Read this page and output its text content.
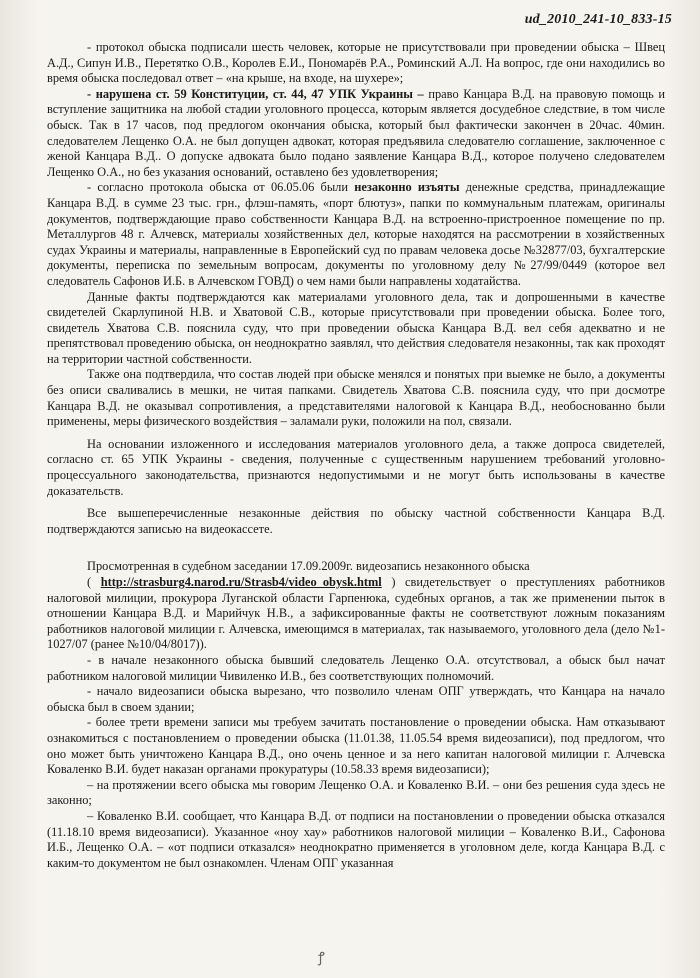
ud_2010_241-10_833-15

- протокол обыска подписали шесть человек, которые не присутствовали при проведении обыска – Швец А.Д., Сипун И.В., Перетятко О.В., Королев Е.И., Пономарёв Р.А., Роминский А.Л. На вопрос, где они находились во время обыска последовал ответ – «на крыше, на входе, на шухере»;

- нарушена ст. 59 Конституции, ст. 44, 47 УПК Украины – право Канцара В.Д. на правовую помощь и вступление защитника на любой стадии уголовного процесса, которым является досудебное следствие, в том числе обыск. Так в 17 часов, под предлогом окончания обыска, который был фактически закончен в 20час. 40мин. следователем Лещенко О.А. не был допущен адвокат, которая предъявила следователю соглашение, заключенное с женой Канцара В.Д.. О допуске адвоката было подано заявление Канцара В.Д., которое получено следователем Лещенко О.А., но без указания оснований, оставлено без удовлетворения;

- согласно протокола обыска от 06.05.06 были незаконно изъяты денежные средства, принадлежащие Канцара В.Д. в сумме 23 тыс. грн., флэш-память, «порт блютуз», папки по коммунальным платежам, оригиналы документов, подтверждающие право собственности Канцара В.Д. на встроенно-пристроенное помещение по пр. Металлургов 48 г. Алчевск, материалы хозяйственных дел, которые находятся на рассмотрении в хозяйственных судах Украины и материалы, направленные в Европейский суд по правам человека досье №32877/03, бухгалтерские документы, переписка по земельным вопросам, документы по уголовному делу №27/99/0449 (которое вел следователь Сафонов И.Б. в Алчевском ГОВД) о чем нами были направлены ходатайства.

Данные факты подтверждаются как материалами уголовного дела, так и допрошенными в качестве свидетелей Скарлупиной Н.В. и Хватовой С.В., которые присутствовали при проведении обыска. Более того, свидетель Хватова С.В. пояснила суду, что при проведении обыска Канцара В.Д. вел себя адекватно и не препятствовал проведению обыска, он неоднократно заявлял, что действия следователя незаконны, так как проходят на территории частной собственности.

Также она подтвердила, что состав людей при обыске менялся и понятых при выемке не было, а документы без описи сваливались в мешки, не читая папками. Свидетель Хватова С.В. пояснила суду, что при досмотре Канцара В.Д. не оказывал сопротивления, а представителями налоговой к Канцара В.Д., необоснованно были применены, меры физического воздействия – заламали руки, положили на пол, связали.

На основании изложенного и исследования материалов уголовного дела, а также допроса свидетелей, согласно ст. 65 УПК Украины - сведения, полученные с существенным нарушением требований уголовно-процессуального законодательства, признаются недопустимыми и не могут быть использованы в качестве доказательств.

Все вышеперечисленные незаконные действия по обыску частной собственности Канцара В.Д. подтверждаются записью на видеокассете.

Просмотренная в судебном заседании 17.09.2009г. видеозапись незаконного обыска

( http://strasburg4.narod.ru/Strasb4/video_obysk.html ) свидетельствует о преступлениях работников налоговой милиции, прокурора Луганской области Гарпенюка, судебных органов, а так же применении пыток в отношении Канцара В.Д. и Марийчук Н.В., а зафиксированные факты не соответствуют ложным показаниям работников налоговой милиции г. Алчевска, имеющимся в материалах, так называемого, уголовного дела (дело №1-1027/07 (ранее №10/04/8017)).

- в начале незаконного обыска бывший следователь Лещенко О.А. отсутствовал, а обыск был начат работником налоговой милиции Чивиленко И.В., без соответствующих полномочий.

- начало видеозаписи обыска вырезано, что позволило членам ОПГ утверждать, что Канцара на начало обыска был в своем здании;

- более трети времени записи мы требуем зачитать постановление о проведении обыска. Нам отказывают ознакомиться с постановлением о проведении обыска (11.01.38, 11.05.54 время видеозаписи), под предлогом, что оно может быть уничтожено Канцара В.Д., оно очень ценное и за него капитан налоговой милиции г. Алчевска Коваленко В.И. будет наказан органами прокуратуры (10.58.33 время видеозаписи);

– на протяжении всего обыска мы говорим Лещенко О.А. и Коваленко В.И. – они без решения суда здесь не законно;

– Коваленко В.И. сообщает, что Канцара В.Д. от подписи на постановлении о проведении обыска отказался (11.18.10 время видеозаписи). Указанное «ноу хау» работников налоговой милиции – Коваленко В.И., Сафонова И.Б., Лещенко О.А. – «от подписи отказался» неоднократно применяется в уголовном деле, когда Канцара В.Д. с каким-то документом не был ознакомлен. Членам ОПГ указанная

ꝭ
